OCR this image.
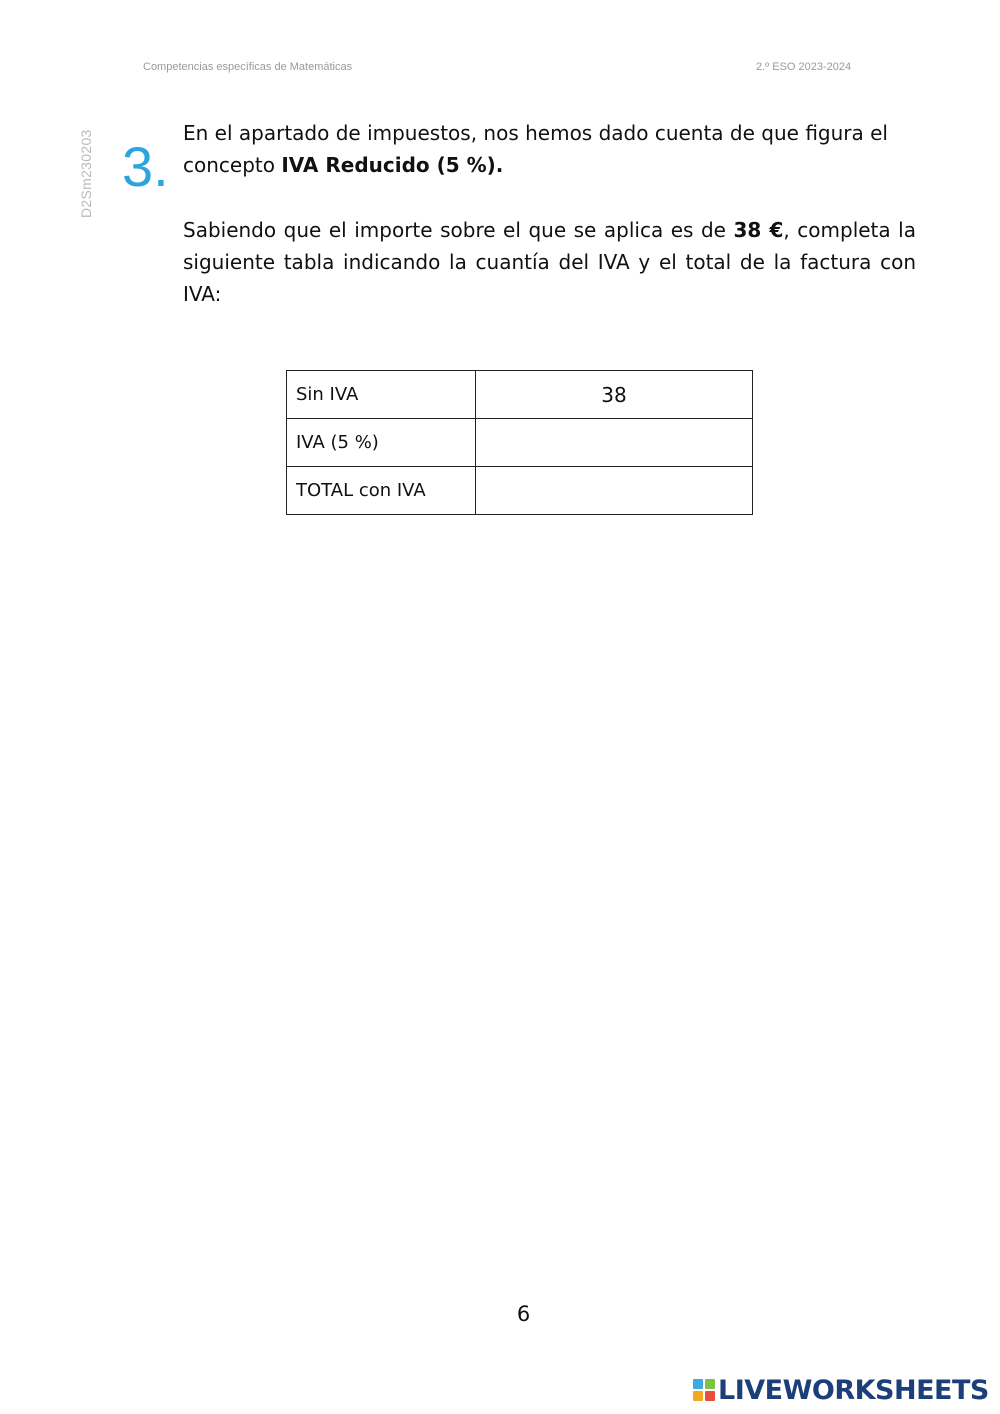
Competencias específicas de Matemáticas	2.º ESO 2023-2024
D2Sm230203 3.
En el apartado de impuestos, nos hemos dado cuenta de que figura el concepto IVA Reducido (5 %).
Sabiendo que el importe sobre el que se aplica es de 38 €, completa la siguiente tabla indicando la cuantía del IVA y el total de la factura con IVA:
Sin IVA	38
IVA (5 %)	
TOTAL con IVA	
6
LIVEWORKSHEETS
